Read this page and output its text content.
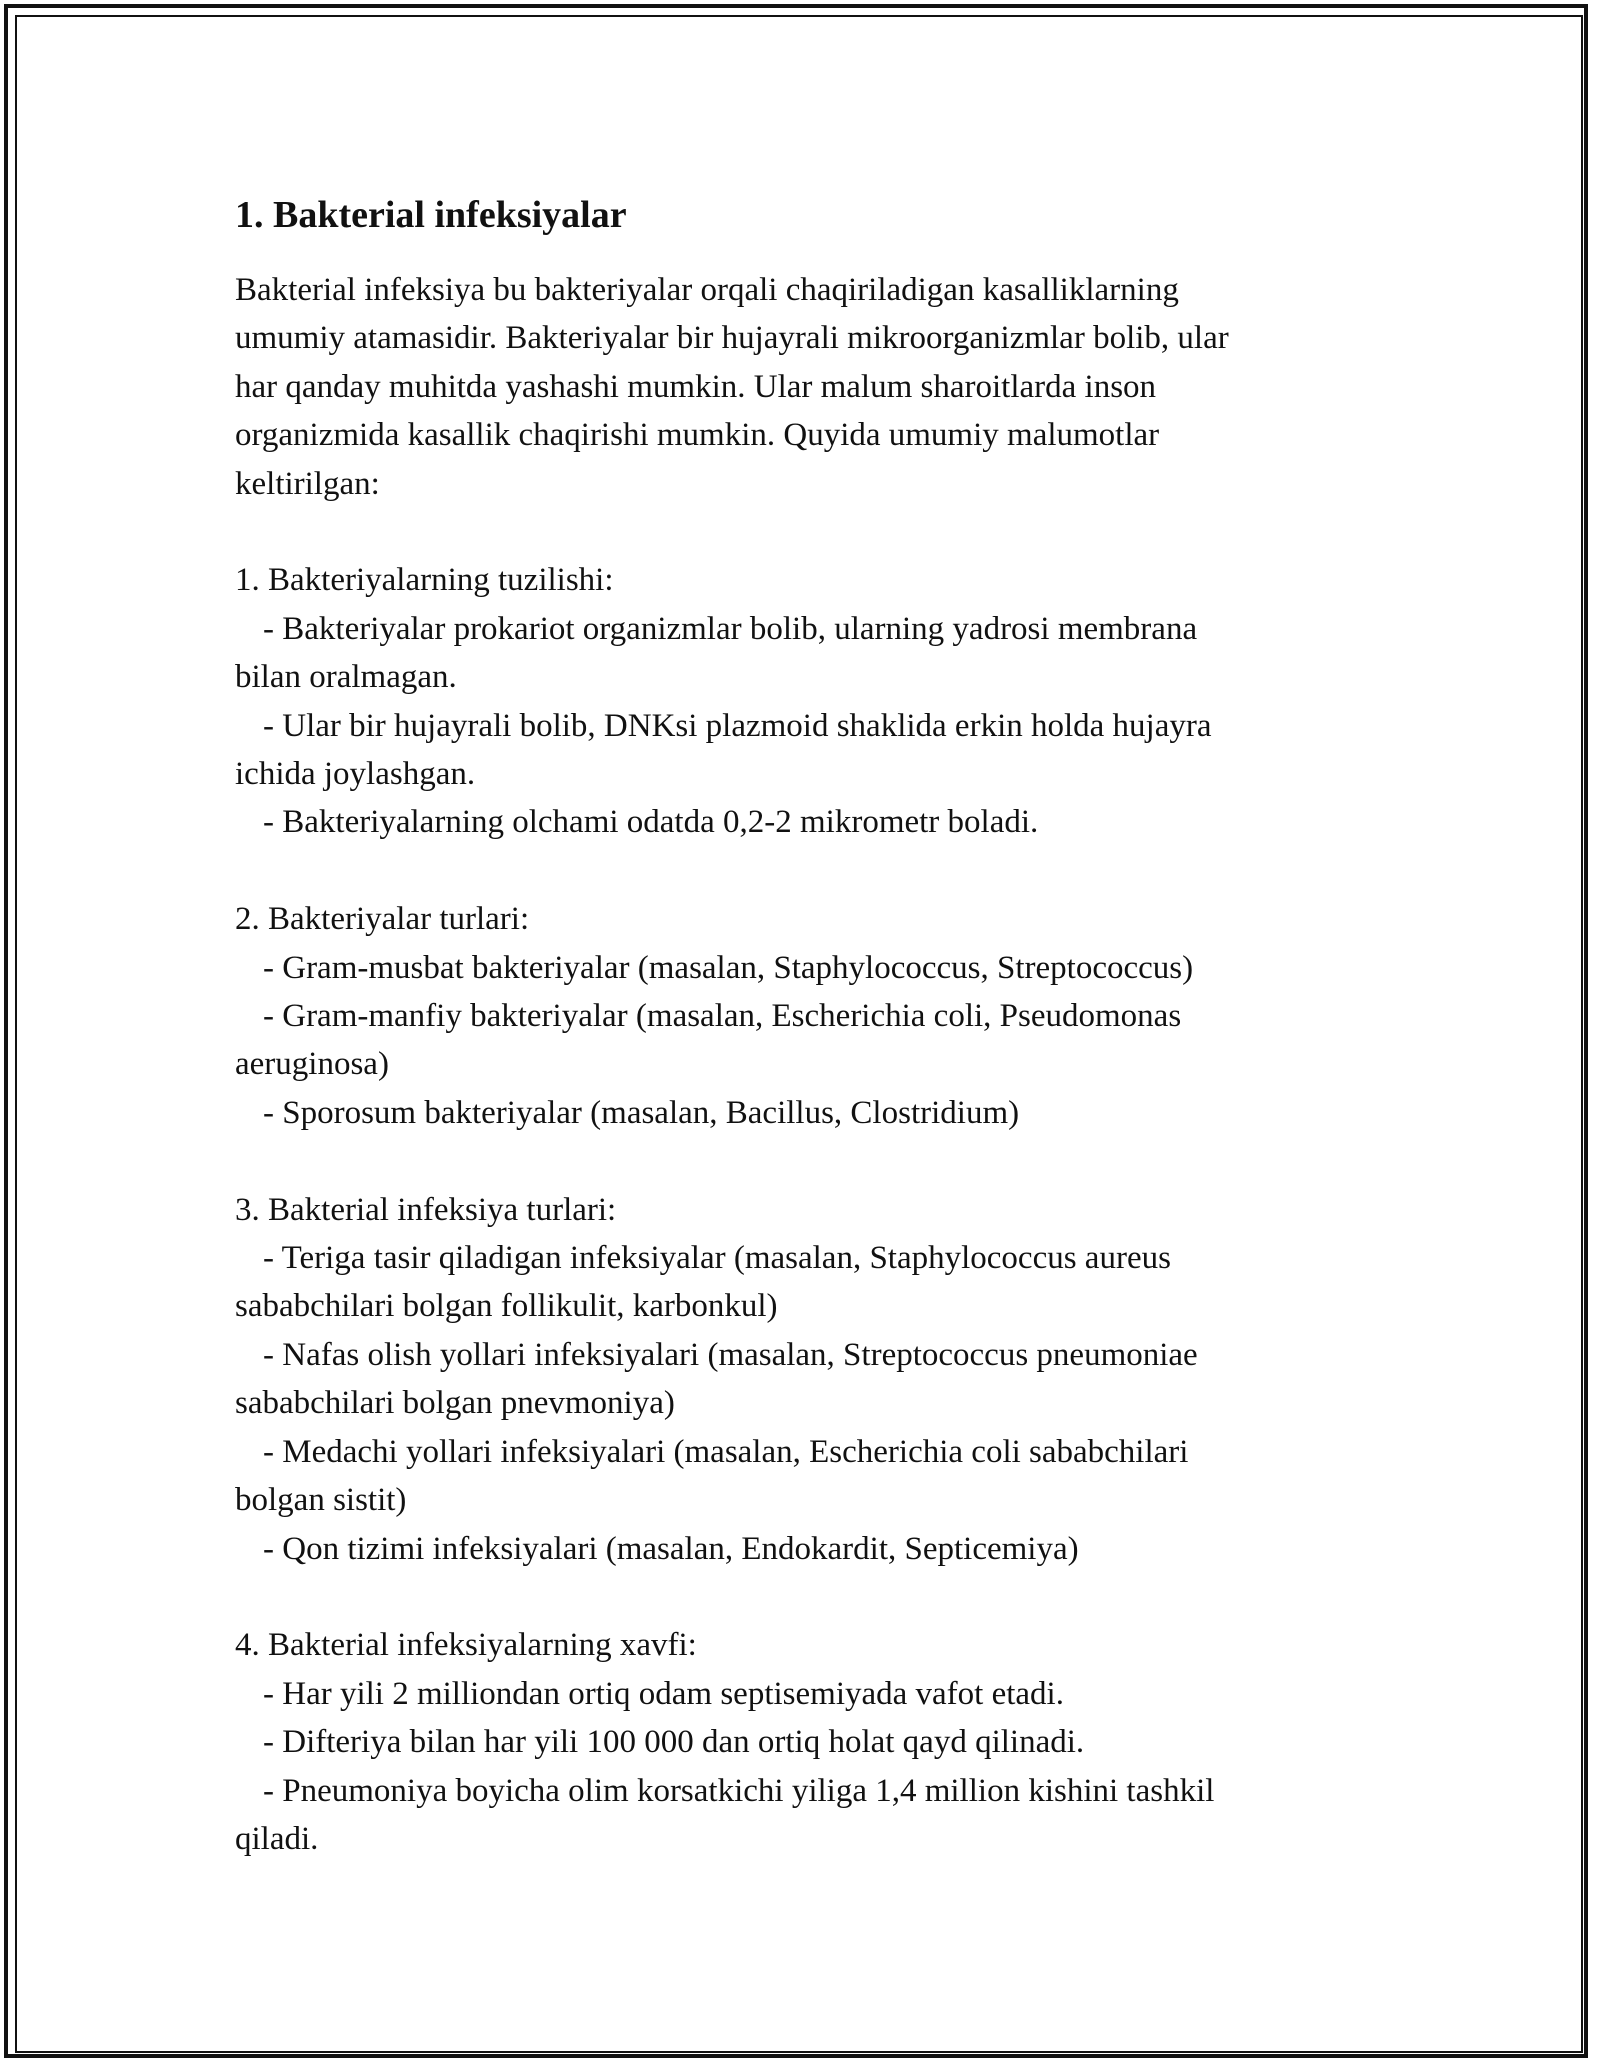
1. Bakterial infeksiyalar
Bakterial infeksiya bu bakteriyalar orqali chaqiriladigan kasalliklarning
umumiy atamasidir. Bakteriyalar bir hujayrali mikroorganizmlar bolib, ular
har qanday muhitda yashashi mumkin. Ular malum sharoitlarda inson
organizmida kasallik chaqirishi mumkin. Quyida umumiy malumotlar
keltirilgan:
1. Bakteriyalarning tuzilishi:
- Bakteriyalar prokariot organizmlar bolib, ularning yadrosi membrana
bilan oralmagan.
- Ular bir hujayrali bolib, DNKsi plazmoid shaklida erkin holda hujayra
ichida joylashgan.
- Bakteriyalarning olchami odatda 0,2-2 mikrometr boladi.
2. Bakteriyalar turlari:
- Gram-musbat bakteriyalar (masalan, Staphylococcus, Streptococcus)
- Gram-manfiy bakteriyalar (masalan, Escherichia coli, Pseudomonas
aeruginosa)
- Sporosum bakteriyalar (masalan, Bacillus, Clostridium)
3. Bakterial infeksiya turlari:
- Teriga tasir qiladigan infeksiyalar (masalan, Staphylococcus aureus
sababchilari bolgan follikulit, karbonkul)
- Nafas olish yollari infeksiyalari (masalan, Streptococcus pneumoniae
sababchilari bolgan pnevmoniya)
- Medachi yollari infeksiyalari (masalan, Escherichia coli sababchilari
bolgan sistit)
- Qon tizimi infeksiyalari (masalan, Endokardit, Septicemiya)
4. Bakterial infeksiyalarning xavfi:
- Har yili 2 milliondan ortiq odam septisemiyada vafot etadi.
- Difteriya bilan har yili 100 000 dan ortiq holat qayd qilinadi.
- Pneumoniya boyicha olim korsatkichi yiliga 1,4 million kishini tashkil
qiladi.
